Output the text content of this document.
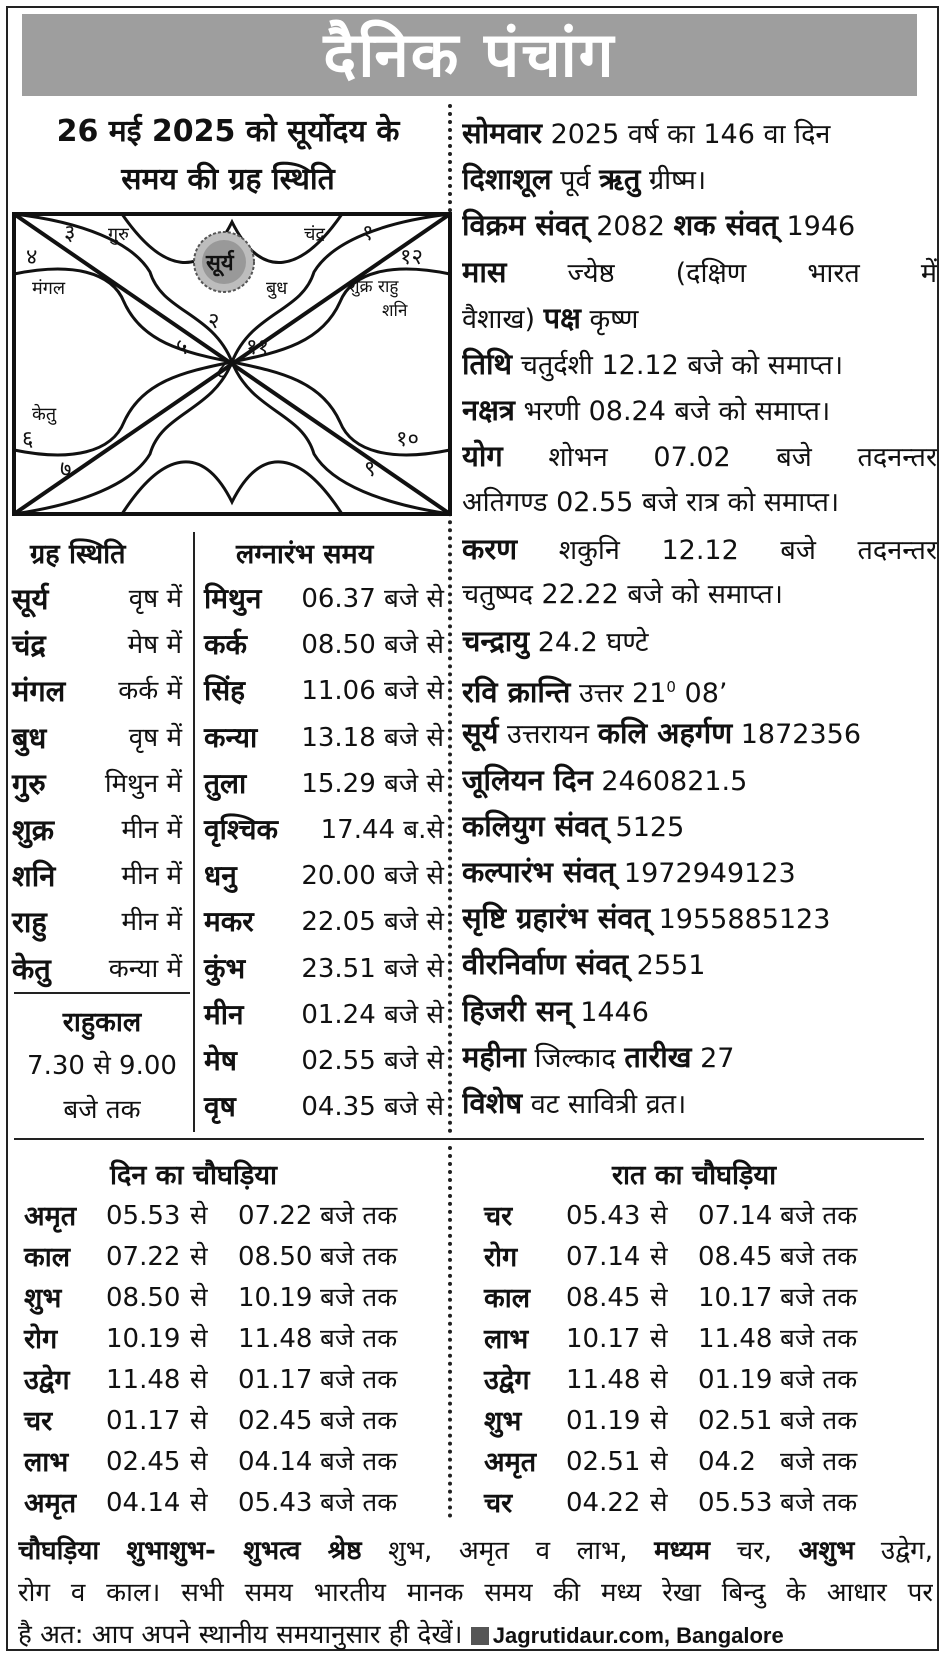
दैनिक पंचांग
26 मई 2025 को सूर्योदय के
समय की ग्रह स्थिति
३ गुरु	चंद्र १
४	१२
मंगल
सूर्य
बुध	शुक्र राहु
शनि
२
५	११
८
केतु
६	१०
७	९
सोमवार 2025 वर्ष का 146 वा दिन
दिशाशूल पूर्व ऋतु ग्रीष्म।
विक्रम संवत् 2082 शक संवत् 1946
मास ज्येष्ठ (दक्षिण भारत में
वैशाख) पक्ष कृष्ण
तिथि चतुर्दशी 12.12 बजे को समाप्त।
नक्षत्र भरणी 08.24 बजे को समाप्त।
योग शोभन 07.02 बजे तदनन्तर
अतिगण्ड 02.55 बजे रात्र को समाप्त।
करण शकुनि 12.12 बजे तदनन्तर
चतुष्पद 22.22 बजे को समाप्त।
चन्द्रायु 24.2 घण्टे
रवि क्रान्ति उत्तर $21^0$ 08’
सूर्य उत्तरायन कलि अहर्गण 1872356
जूलियन दिन 2460821.5
कलियुग संवत् 5125
कल्पारंभ संवत् 1972949123
सृष्टि ग्रहारंभ संवत् 1955885123
वीरनिर्वाण संवत् 2551
हिजरी सन् 1446
महीना जिल्काद तारीख 27
विशेष वट सावित्री व्रत।
ग्रह स्थिति
सूर्य	वृष में
चंद्र	मेष में
मंगल कर्क में
बुध	वृष में
गुरु मिथुन में
शुक्र	मीन में
शनि	मीन में
राहु	मीन में
केतु कन्या में
राहुकाल
7.30 से 9.00
बजे तक
लग्नारंभ समय
मिथुन 06.37 बजे से
कर्क 08.50 बजे से
सिंह 11.06 बजे से
कन्या 13.18 बजे से
तुला 15.29 बजे से
वृश्चिक 17.44 ब.से
धनु 20.00 बजे से
मकर 22.05 बजे से
कुंभ 23.51 बजे से
मीन 01.24 बजे से
मेष 02.55 बजे से
वृष	04.35 बजे से
दिन का चौघड़िया	रात का चौघड़िया
अमृत 05.53 से 07.22 बजे तक
काल 07.22 से 08.50 बजे तक
शुभ 08.50 से 10.19 बजे तक
रोग 10.19 से 11.48 बजे तक
उद्वेग 11.48 से 01.17 बजे तक
चर 01.17 से 02.45 बजे तक
लाभ 02.45 से 04.14 बजे तक
अमृत 04.14 से 05.43 बजे तक
चर 05.43 से 07.14 बजे तक
रोग 07.14 से 08.45 बजे तक
काल 08.45 से 10.17 बजे तक
लाभ 10.17 से 11.48 बजे तक
उद्वेग 11.48 से 01.19 बजे तक
शुभ 01.19 से 02.51 बजे तक
अमृत 02.51 से 04.2 बजे तक
चर 04.22 से 05.53 बजे तक
चौघड़िया शुभाशुभ- शुभत्व श्रेष्ठ शुभ, अमृत व लाभ, मध्यम चर, अशुभ उद्वेग,
रोग व काल। सभी समय भारतीय मानक समय की मध्य रेखा बिन्दु के आधार पर
है अत: आप अपने स्थानीय समयानुसार ही देखें। Jagrutidaur.com, Bangalore
